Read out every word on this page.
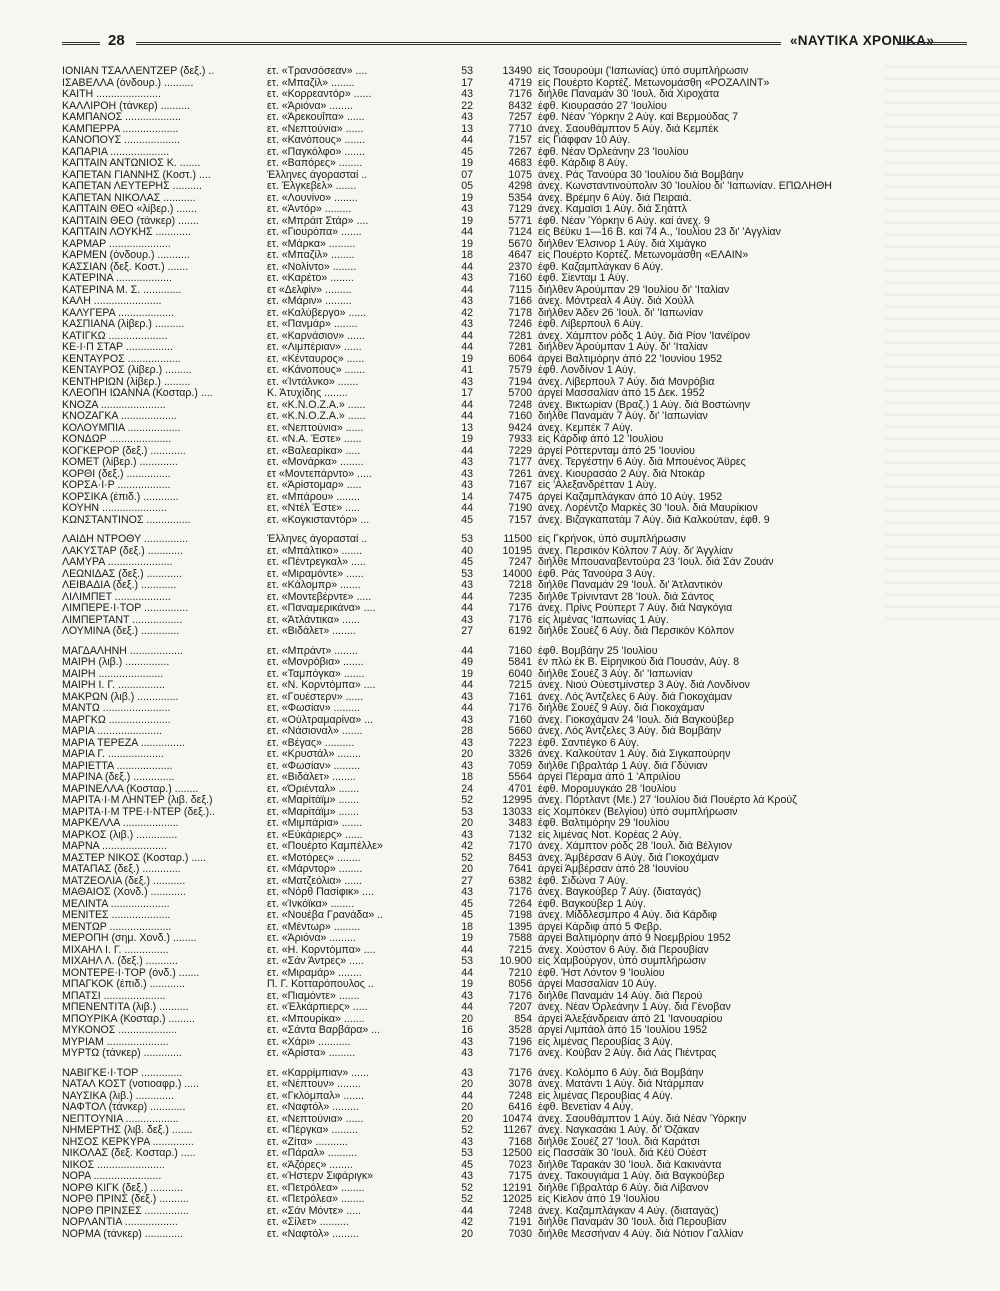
28	«ΝΑΥΤΙΚΑ ΧΡΟΝΙΚΑ»
ΙΟΝΙΑΝ ΤΣΑΛΛΕΝΤΖΕΡ (δεξ.) ..	ετ. «Τρανσόσεαν» ....	53	13490 είς Τσουρούμι ('Ιαπωνίας) ύπό συμπλήρωσιν
ΙΣΑΒΕΛΛΑ (όνδουρ.) ..........	ετ. «Μπαζίλ» ........	17	4719 είς Πουέρτο Κορτέζ. Μετωνομάσθη «ΡΟΖΑΛΙΝΤ»
ΚΑΙΤΗ ......................	ετ. «Κορρεαντόρ» ......	43	7176 διήλθε Παναμάν 30 'Ιουλ. διά Χιροχάτα
ΚΑΛΛΙΡΟΗ (τάνκερ) ..........	ετ. «Άριόνα» ........	22	8432 έφθ. Κιουρασάο 27 'Ιουλίου
ΚΑΜΠΑΝΟΣ ...................	ετ. «Άρεκουΐπα» ......	43	7257 έφθ. Νέαν Ύόρκην 2 Αύγ. καί Βερμούδας 7
ΚΑΜΠΕΡΡΑ ...................	ετ. «Νεπτούνια» ......	13	7710 άνεχ. Σαουθάμπτον 5 Αύγ. διά Κεμπέκ
ΚΑΝΟΠΟΥΣ ...................	ετ. «Κανόπους» .......	44	7157 είς Γιάφφαν 10 Αύγ.
ΚΑΠΑΡΙΑ ....................	ετ. «Παγκόλφο» .......	45	7267 έφθ. Νέαν Όρλεάνην 23 'Ιουλίου
ΚΑΠΤΑΙΝ ΑΝΤΩΝΙΟΣ Κ. .......	ετ. «Βαπόρες» ........	19	4683 έφθ. Κάρδιφ 8 Αύγ.
ΚΑΠΕΤΑΝ ΓΙΑΝΝΗΣ (Κοστ.) ....	Έλληνες άγορασταί ..	07	1075 άνεχ. Ράς Τανούρα 30 'Ιουλίου διά Βομβάην
ΚΑΠΕΤΑΝ ΛΕΥΤΕΡΗΣ ..........	ετ. Έλγκεβελ» .......	05	4298 άνεχ. Κωνσταντινούπολιν 30 'Ιουλίου δι' 'Ιαπωνίαν. ΕΠΩΛΗΘΗ
ΚΑΠΕΤΑΝ ΝΙΚΟΛΑΣ ...........	ετ. «Λουνίνο» ........	19	5354 άνεχ. Βρέμην 6 Αύγ. διά Πειραιά.
ΚΑΠΤΑΙΝ ΘΕΟ «λίβερ.) .......	ετ. «Άντόρ» .........	43	7129 άνεχ. Καμαϊσι 1 Αύγ. διά Σηάττλ
ΚΑΠΤΑΙΝ ΘΕΟ (τάνκερ) .......	ετ. «Μπράιτ Στάρ» ....	19	5771 έφθ. Νέαν Ύόρκην 6 Αύγ. καί άνεχ. 9
ΚΑΠΤΑΙΝ ΛΟΥΚΗΣ ............	ετ. «Γιουρόπα» .......	44	7124 είς Βέϋκυ 1—16 Β. καί 74 Α., 'Ιουλίου 23 δι' 'Αγγλίαν
ΚΑΡΜΑΡ .....................	ετ. «Μάρκα» .........	19	5670 διήλθεν Έλσινορ 1 Αύγ. διά Χιμάγκο
ΚΑΡΜΕΝ (όνδουρ.) ...........	ετ. «Μπαζίλ» ........	18	4647 είς Πουέρτο Κορτέζ. Μετωνομάσθη «ΕΛΑΙΝ»
ΚΑΣΣΙΑΝ (δεξ. Κοστ.) .......	ετ. «Νολίντο» ........	44	2370 έφθ. Καζαμπλάγκαν 6 Αύγ.
ΚΑΤΕΡΙΝΑ ...................	ετ. «Καρέτο» ........	43	7160 έφθ. Σίενταμ 1 Αύγ.
ΚΑΤΕΡΙΝΑ Μ. Σ. .............	ετ «Δελφίν» .........	44	7115 διήλθεν Άρούμπαν 29 'Ιουλίου δι' 'Ιταλίαν
ΚΑΛΗ .......................	ετ. «Μάριν» .........	43	7166 άνεχ. Μόντρεαλ 4 Αύγ. διά Χούλλ
ΚΑΛΥΓΕΡΑ ...................	ετ. «Καλύβεργο» ......	42	7178 διήλθεν Άδεν 26 'Ιουλ. δι' 'Ιαπωνίαν
ΚΑΣΠΙΑΝΑ (λίβερ.) ..........	ετ. «Πανμάρ» ........	43	7246 έφθ. Λίβερπουλ 6 Αύγ.
ΚΑΤΙΓΚΩ ....................	ετ. «Καρνάσιον» ......	44	7281 άνεχ. Χάμπτον ρόδς 1 Αύγ. διά Ρίον 'Ιανέϊρον
ΚΕ·Ι·Π ΣΤΑΡ ................	ετ. «Λιμπέριαν» ......	44	7281 διήλθεν Άρούμπαν 1 Αύγ. δι' 'Ιταλίαν
ΚΕΝΤΑΥΡΟΣ ..................	ετ. «Κένταυρος» ......	19	6064 άργεί Βαλτιμόρην άπό 22 'Ιουνίου 1952
ΚΕΝΤΑΥΡΟΣ (λίβερ.) .........	ετ. «Κάνοπους» .......	41	7579 έφθ. Λονδίνον 1 Αύγ.
ΚΕΝΤΗΡΙΩΝ (λίβερ.) .........	ετ. «Ίντάλνκο» .......	43	7194 άνεχ. Λίβερπουλ 7 Αύγ. διά Μονρόβια
ΚΛΕΟΠΗ ΙΩΑΝΝΑ (Κοσταρ.) ....	Κ. Άτυχίδης ........	17	5700 άργεί Μασσαλίαν άπό 15 Δεκ. 1952
ΚΝΟΖΑ ......................	ετ. «Κ.Ν.Ο.Ζ.Α.» ......	44	7248 άνεχ. Βικτωρίαν (Βραζ.) 1 Αύγ. διά Βοστώνην
ΚΝΟΖΑΓΚΑ ...................	ετ. «Κ.Ν.Ο.Ζ.Α.» ......	44	7160 διήλθε Παναμάν 7 Αύγ. δι' 'Ιαπωνίαν
ΚΟΛΟΥΜΠΙΑ ..................	ετ. «Νεπτούνια» ......	13	9424 άνεχ. Κεμπέκ 7 Αύγ.
ΚΟΝΔΩΡ .....................	ετ. «Ν.Α. Έστε» ......	19	7933 είς Κάρδιφ άπό 12 'Ιουλίου
ΚΟΓΚΕΡΟΡ (δεξ.) ............	ετ. «Βαλεαρίκα» .....	44	7229 άργεί Ρόττερνταμ άπό 25 'Ιουνίου
ΚΟΜΕΤ (λίβερ.) .............	ετ. «Μονάρκα» ........	43	7177 άνεχ. Τεργέστην 6 Αύγ. διά Μπουένος Άϋρες
ΚΟΡΘΙ (δεξ.) ...............	ετ «Μοντεπάρντο» .....	43	7261 άνεχ. Κιουρασάο 2 Αύγ. διά Ντοκάρ
ΚΟΡΣΑ·Ι·Ρ ..................	ετ. «Άρίστομαρ» .....	43	7167 είς 'Αλεξανδρέτταν 1 Αύγ.
ΚΟΡΣΙΚΑ (έπιδ.) ............	ετ. «Μπάρου» ........	14	7475 άργεί Καζαμπλάγκαν άπό 10 Αύγ. 1952
ΚΟΥΗΝ ......................	ετ. «Ντέλ Έστε» .....	44	7190 άνεχ. Λορέντζο Μαρκές 30 'Ιουλ. διά Μαυρίκιον
ΚΩΝΣΤΑΝΤΙΝΟΣ ...............	ετ. «Κογκισταντόρ» ...	45	7157 άνεχ. Βιζαγκαπατάμ 7 Αύγ. διά Καλκούταν, έφθ. 9
ΛΑΙΔΗ ΝΤΡΟΘΥ ...............	Έλληνες άγορασταί ..	53	11500 είς Γκρήνοκ, ύπό συμπλήρωσιν
ΛΑΚΥΣΤΑΡ (δεξ.) ............	ετ. «Μπάλτικο» .......	40	10195 άνεχ. Περσικόν Κόλπον 7 Αύγ. δι' Άγγλίαν
ΛΑΜΥΡΑ ......................	ετ. «Πέντρεγκαλ» .....	45	7247 διήλθε Μπουαναβεντούρα 23 'Ιουλ. διά Σάν Ζουάν
ΛΕΩΝΙΔΑΣ (δεξ.) ............	ετ. «Μιραμόντε» ......	53	14000 έφθ. Ράς Τανούρα 3 Αύγ.
ΛΕΙΒΑΔΙΑ (δεξ.) ............	ετ. «Κάλομπρ» .......	43	7218 διήλθε Παναμάν 29 'Ιουλ. δι' Άτλαντικόν
ΛΙΛΙΜΠΕΤ ...................	ετ. «Μοντεβέρντε» .....	44	7235 διήλθε Τρίνινταντ 28 'Ιουλ. διά Σάντος
ΛΙΜΠΕΡΕ·Ι·ΤΟΡ ...............	ετ. «Παναμερικάνα» ....	44	7176 άνεχ. Πρίνς Ρούπερτ 7 Αύγ. διά Ναγκόγια
ΛΙΜΠΕΡΤΑΝΤ .................	ετ. «Άτλάντικα» ......	43	7176 είς λιμένας 'Ιαπωνίας 1 Αύγ.
ΛΟΥΜΙΝΑ (δεξ.) .............	ετ. «Βιδάλετ» ........	27	6192 διήλθε Σουέζ 6 Αύγ. διά Περσικόν Κόλπον
ΜΑΓΔΑΛΗΝΗ ..................	ετ. «Μπράντ» ........	44	7160 έφθ. Βομβάην 25 'Ιουλίου
ΜΑΙΡΗ (λιβ.) ...............	ετ. «Μονρόβια» .......	49	5841 έν πλώ έκ Β. Είρηνικού διά Πουσάν, Αύγ. 8
ΜΑΙΡΗ ......................	ετ. «Ταμπόγκα» .......	19	6040 διήλθε Σουέζ 3 Αύγ. δι' 'Ιαπωνίαν
ΜΑΙΡΗ Ι. Γ. ................	ετ. «Ν. Κορντόμπα» ....	44	7215 άνεχ. Νιού Ούεστμίνστερ 3 Αύγ. διά Λονδίνον
ΜΑΚΡΩΝ (λιβ.) ..............	ετ. «Γουέστερν» ......	43	7161 άνεχ. Λός Άντζελες 6 Αύγ. διά Γιοκοχάμαν
ΜΑΝΤΩ .......................	ετ. «Φωσίαν» .........	44	7176 διήλθε Σουέζ 9 Αύγ. διά Γιοκοχάμαν
ΜΑΡΓΚΩ .....................	ετ. «Ούλτραμαρίνα» ...	43	7160 άνεχ. Γιοκοχάμαν 24 'Ιουλ. διά Βαγκούβερ
ΜΑΡΙΑ ......................	ετ. «Νάσιοναλ» .......	28	5660 άνεχ. Λός Άντζελες 3 Αύγ. διά Βομβάην
ΜΑΡΙΑ ΤΕΡΕΖΑ ...............	ετ. «Βέγας» ..........	43	7223 έφθ. Σαντιέγκο 6 Αύγ.
ΜΑΡΙΑ Γ. ...................	ετ. «Κρυστάλ» ........	20	3326 άνεχ. Καλκούταν 1 Αύγ. διά Σιγκαπούρην
ΜΑΡΙΕΤΤΑ ...................	ετ. «Φωσίαν» .........	43	7059 διήλθε Γιβραλτάρ 1 Αύγ. διά Γδύνιαν
ΜΑΡΙΝΑ (δεξ.) ..............	ετ. «Βιδάλετ» ........	18	5564 άργεί Πέραμα άπό 1 'Απριλίου
ΜΑΡΙΝΕΛΛΑ (Κοσταρ.) ........	ετ. «Όριένταλ» .......	24	4701 έφθ. Μορομυγκάο 28 'Ιουλίου
ΜΑΡΙΤΑ·Ι·Μ ΛΗΝΤΕΡ (λιβ. δεξ.)	ετ. «Μαρίτάϊμ» .......	52	12995 άνεχ. Πόρτλαντ (Με.) 27 'Ιουλίου διά Πουέρτο λά Κρούζ
ΜΑΡΙΤΑ·Ι·Μ ΤΡΕ·Ι·ΝΤΕΡ (δεξ.)..	ετ. «Μαρίτάϊμ» .......	53	13033 είς Χομπόκεν (Βελγίου) ύπό συμπλήρωσιν
ΜΑΡΚΕΛΛΑ ...................	ετ. «Μιμπάρια» .......	20	3483 έφθ. Βαλτιμόρην 29 'Ιουλίου
ΜΑΡΚΟΣ (λιβ.) ..............	ετ. «Εύκάριερς» ......	43	7132 είς λιμένας Νοτ. Κορέας 2 Αύγ.
ΜΑΡΝΑ ......................	ετ. «Πουέρτο Καμπέλλε»	42	7170 άνεχ. Χάμπτον ρόδς 28 'Ιουλ. διά Βέλγιον
ΜΑΣΤΕΡ ΝΙΚΟΣ (Κοσταρ.) .....	ετ. «Μοτόρες» ........	52	8453 άνεχ. Άμβέρσαν 6 Αύγ. διά Γιοκοχάμαν
ΜΑΤΑΠΑΣ (δεξ.) .............	ετ. «Μάρντορ» ........	20	7641 άργεί Άμβέρσαν άπό 28 'Ιουνίου
ΜΑΤΖΕΟΛΙΑ (δεξ.) ...........	ετ. «Ματζεόλια» ......	27	6382 έφθ. Σιδώνα 7 Αύγ.
ΜΑΘΑΙΟΣ (Χονδ.) ............	ετ. «Νόρθ Πασίφικ» ....	43	7176 άνεχ. Βαγκούβερ 7 Αύγ. (διαταγάς)
ΜΕΛΙΝΤΑ ....................	ετ. «Ίνκόϊκα» ........	45	7264 έφθ. Βαγκούβερ 1 Αύγ.
ΜΕΝΙΤΕΣ ....................	ετ. «Νουέβα Γρανάδα» ..	45	7198 άνεχ. Μίδδλεσμπρο 4 Αύγ. διά Κάρδιφ
ΜΕΝΤΩΡ .....................	ετ. «Μέντωρ» .........	18	1395 άργεί Κάρδιφ άπό 5 Φεβρ.
ΜΕΡΟΠΗ (σημ. Χονδ.) ........	ετ. «Άριόνα» .........	19	7588 άργεί Βαλτιμόρην άπό 9 Νοεμβρίου 1952
ΜΙΧΑΗΛ Ι. Γ. ...............	ετ. «Η. Κορντόμπα» ....	44	7215 άνεχ. Χούστον 6 Αύγ. διά Περουβίαν
ΜΙΧΑΗΛ Λ. (δεξ.) ...........	ετ. «Σάν Άντρες» .....	53	10.900 είς Χαμβούργον, ύπό συμπλήρωσιν
ΜΟΝΤΕΡΕ·Ι·ΤΟΡ (όνδ.) .......	ετ. «Μιραμάρ» ........	44	7210 έφθ. Ήστ Λόντον 9 'Ιουλίου
ΜΠΑΓΚΟΚ (έπιδ.) ............	Π. Γ. Κοτταρόπουλος ..	19	8056 άργεί Μασσαλίαν 10 Αύγ.
ΜΠΑΤΣΙ .....................	ετ. «Πιαμόντε» .......	43	7176 διήλθε Παναμάν 14 Αύγ. διά Περού
ΜΠΕΝΕΝΤΙΤΑ (λιβ.) ..........	ετ. «Έλκάρπιερς» .....	44	7207 άνεχ. Νέαν Όρλεάνην 1 Αύγ. διά Γένοβαν
ΜΠΟΥΡΙΚΑ (Κοσταρ.) .........	ετ. «Μπουρίκα» .......	20	854 άργεί Άλεξάνδρειαν άπό 21 'Ιανουαρίου
ΜΥΚΟΝΟΣ ....................	ετ. «Σάντα Βαρβάρα» ...	16	3528 άργεί Λιμπάολ άπό 15 'Ιουλίου 1952
ΜΥΡΙΑΜ .....................	ετ. «Χάρι» ...........	43	7196 είς λιμένας Περουβίας 3 Αύγ.
ΜΥΡΤΩ (τάνκερ) .............	ετ. «Άρίστα» .........	43	7176 άνεχ. Κούβαν 2 Αύγ. διά Λάς Πιέντρας
ΝΑΒΙΓΚΕ·Ι·ΤΟΡ ..............	ετ. «Καρρίμπιαν» ......	43	7176 άνεχ. Κολόμπο 6 Αύγ. διά Βομβάην
ΝΑΤΑΛ ΚΟΣΤ (νοτιοαφρ.) .....	ετ. «Νέπτουν» ........	20	3078 άνεχ. Ματάντι 1 Αύγ. διά Ντάρμπαν
ΝΑΥΣΙΚΑ (λιβ.) .............	ετ. «Γκλόμπαλ» .......	44	7248 είς λιμένας Περουβίας 4 Αύγ.
ΝΑΦΤΟΛ (τάνκερ) ............	ετ. «Ναφτόλ» .........	20	6416 έφθ. Βενετίαν 4 Αύγ.
ΝΕΠΤΟΥΝΙΑ ..................	ετ. «Νεπτούνια» ......	20	10474 άνεχ. Σαουθάμπτον 1 Αύγ. διά Νέαν Ύόρκην
ΝΗΜΕΡΤΗΣ (λιβ. δεξ.) .......	ετ. «Πέργκα» .........	52	11267 άνεχ. Ναγκασάκι 1 Αύγ. δι' Όζάκαν
ΝΗΣΟΣ ΚΕΡΚΥΡΑ ..............	ετ. «Ζίτα» ...........	43	7168 διήλθε Σουέζ 27 'Ιουλ. διά Καράτσι
ΝΙΚΟΛΑΣ (δεξ. Κοσταρ.) .....	ετ. «Πάραλ» ..........	53	12500 είς Πασσάϊκ 30 'Ιουλ. διά Κέϋ Ούέστ
ΝΙΚΟΣ .......................	ετ. «Άζόρες» ........	45	7023 διήλθε Ταρακάν 30 'Ιουλ. διά Κακινάντα
ΝΟΡΑ .......................	ετ. «Ήστερν Σιφάριγκ»	43	7175 άνεχ. Τακουγιάμα 1 Αύγ. διά Βαγκούβερ
ΝΟΡΘ ΚΙΓΚ (δεξ.) ...........	ετ. «Πετρόλεα» ........	52	12191 διήλθε Γιβραλτάρ 6 Αύγ. διά Λίβανον
ΝΟΡΘ ΠΡΙΝΣ (δεξ.) ..........	ετ. «Πετρόλεα» ........	52	12025 είς Κίελον άπό 19 'Ιουλίου
ΝΟΡΘ ΠΡΙΝΣΕΣ ...............	ετ. «Σάν Μόντε» .....	44	7248 άνεχ. Καζαμπλάγκαν 4 Αύγ. (διαταγάς)
ΝΟΡΛΑΝΤΙΑ ..................	ετ. «Σίλετ» ..........	42	7191 διήλθε Παναμάν 30 'Ιουλ. διά Περουβίαν
ΝΟΡΜΑ (τάνκερ) .............	ετ. «Ναφτόλ» .........	20	7030 διήλθε Μεσσήναν 4 Αύγ. διά Νότιον Γαλλίαν
